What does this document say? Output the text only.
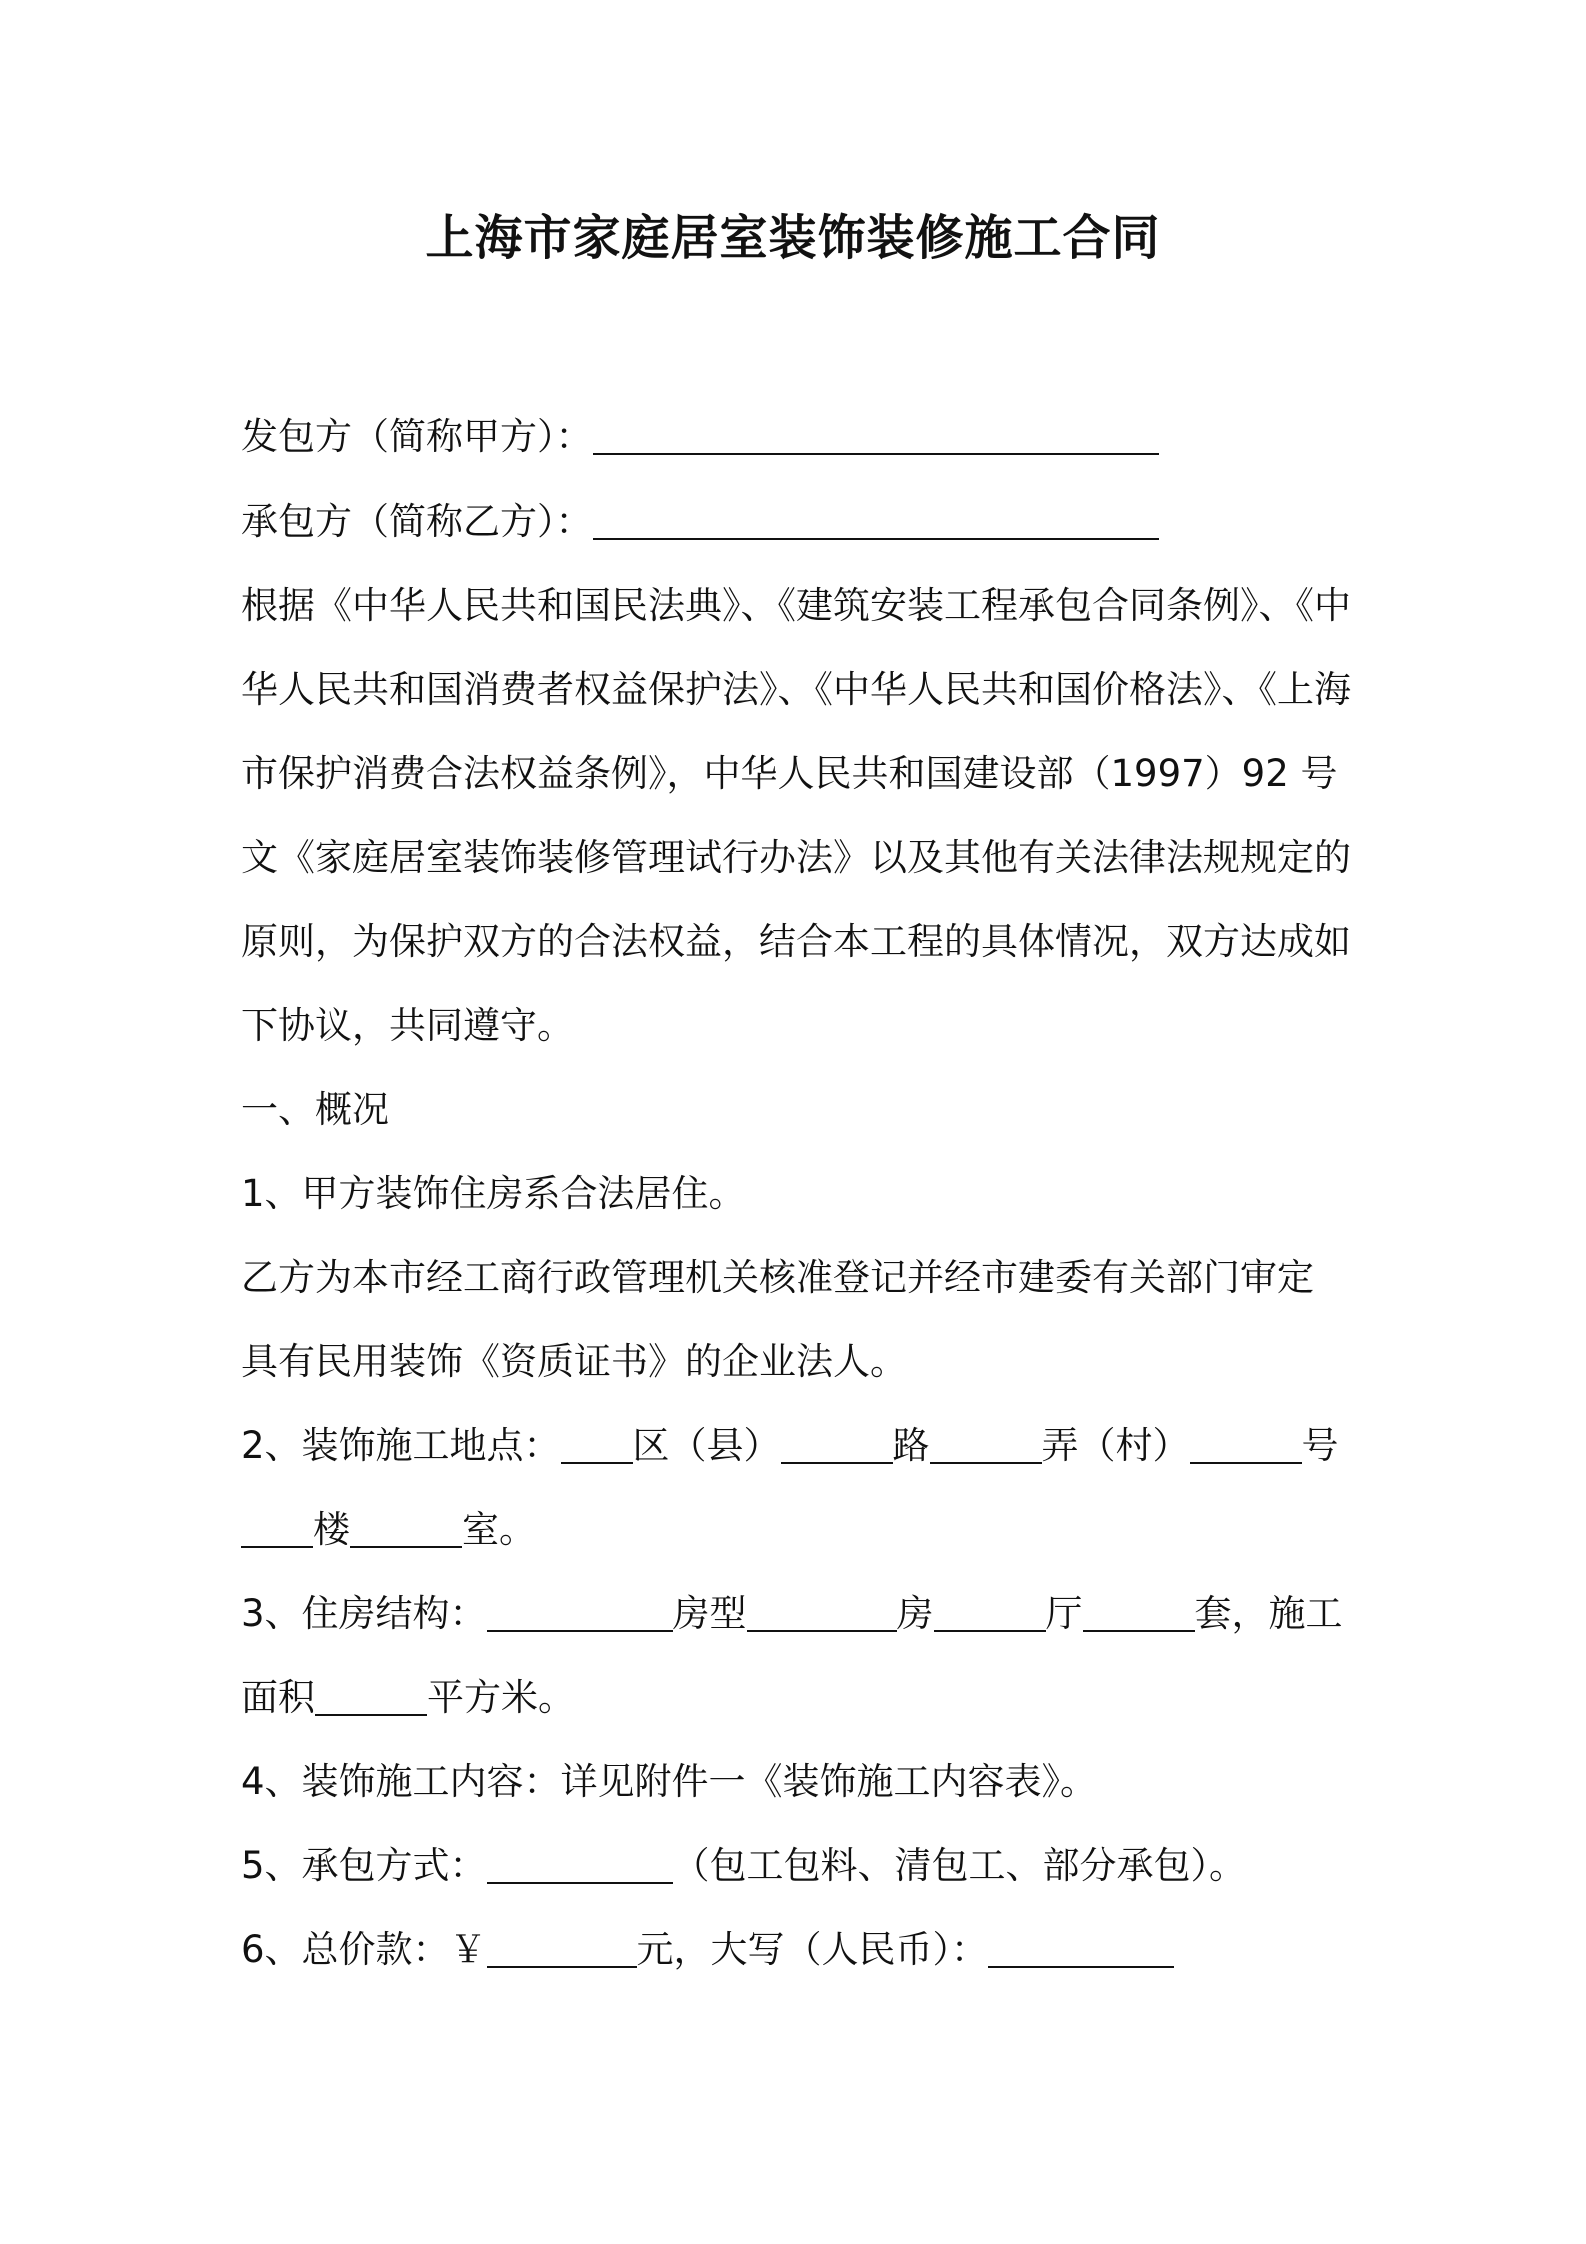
上海市家庭居室装饰装修施工合同
发包方（简称甲方）：
承包方（简称乙方）：
根据《中华人民共和国民法典》、《建筑安装工程承包合同条例》、《中
华人民共和国消费者权益保护法》、《中华人民共和国价格法》、《上海
市保护消费合法权益条例》，中华人民共和国建设部（1997）92 号
文《家庭居室装饰装修管理试行办法》以及其他有关法律法规规定的
原则，为保护双方的合法权益，结合本工程的具体情况，双方达成如
下协议，共同遵守。
一、概况
1、甲方装饰住房系合法居住。
乙方为本市经工商行政管理机关核准登记并经市建委有关部门审定
具有民用装饰《资质证书》的企业法人。
2、装饰施工地点： 区（县）	路	弄（村）	号
楼	室。
3、住房结构：	房型	房	厅	套，施工
面积	平方米。
4、装饰施工内容：详见附件一《装饰施工内容表》。
5、承包方式：	（包工包料、清包工、部分承包）。
6、总价款：￥	元，大写（人民币）：
